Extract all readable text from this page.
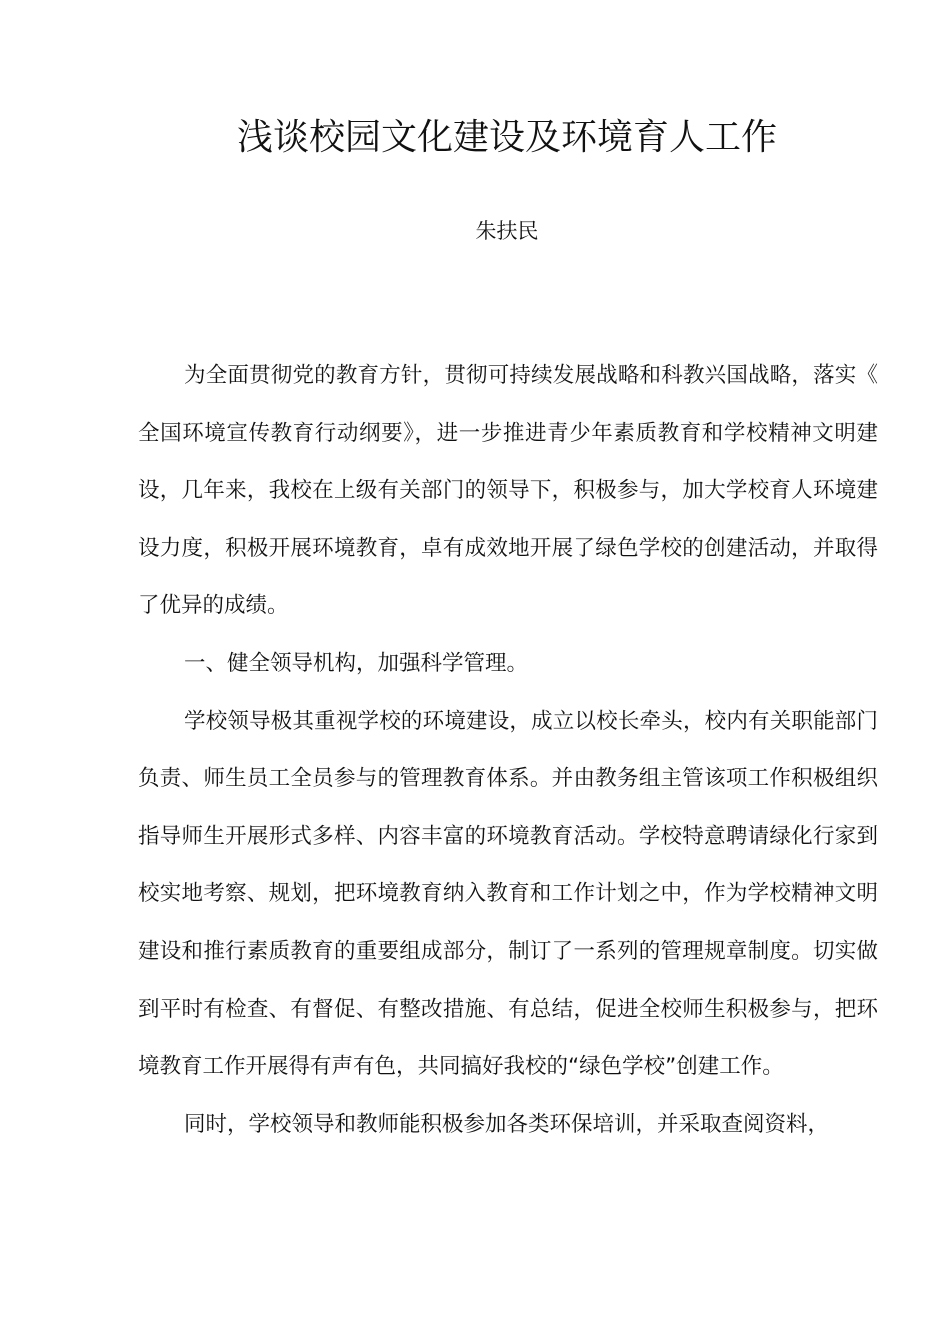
浅谈校园文化建设及环境育人工作
朱扶民

为全面贯彻党的教育方针，贯彻可持续发展战略和科教兴国战略，落实《全国环境宣传教育行动纲要》，进一步推进青少年素质教育和学校精神文明建设，几年来，我校在上级有关部门的领导下，积极参与，加大学校育人环境建设力度，积极开展环境教育，卓有成效地开展了绿色学校的创建活动，并取得了优异的成绩。

一、健全领导机构，加强科学管理。

学校领导极其重视学校的环境建设，成立以校长牵头，校内有关职能部门负责、师生员工全员参与的管理教育体系。并由教务组主管该项工作积极组织指导师生开展形式多样、内容丰富的环境教育活动。学校特意聘请绿化行家到校实地考察、规划，把环境教育纳入教育和工作计划之中，作为学校精神文明建设和推行素质教育的重要组成部分，制订了一系列的管理规章制度。切实做到平时有检查、有督促、有整改措施、有总结，促进全校师生积极参与，把环境教育工作开展得有声有色，共同搞好我校的“绿色学校”创建工作。

同时，学校领导和教师能积极参加各类环保培训，并采取查阅资料，
